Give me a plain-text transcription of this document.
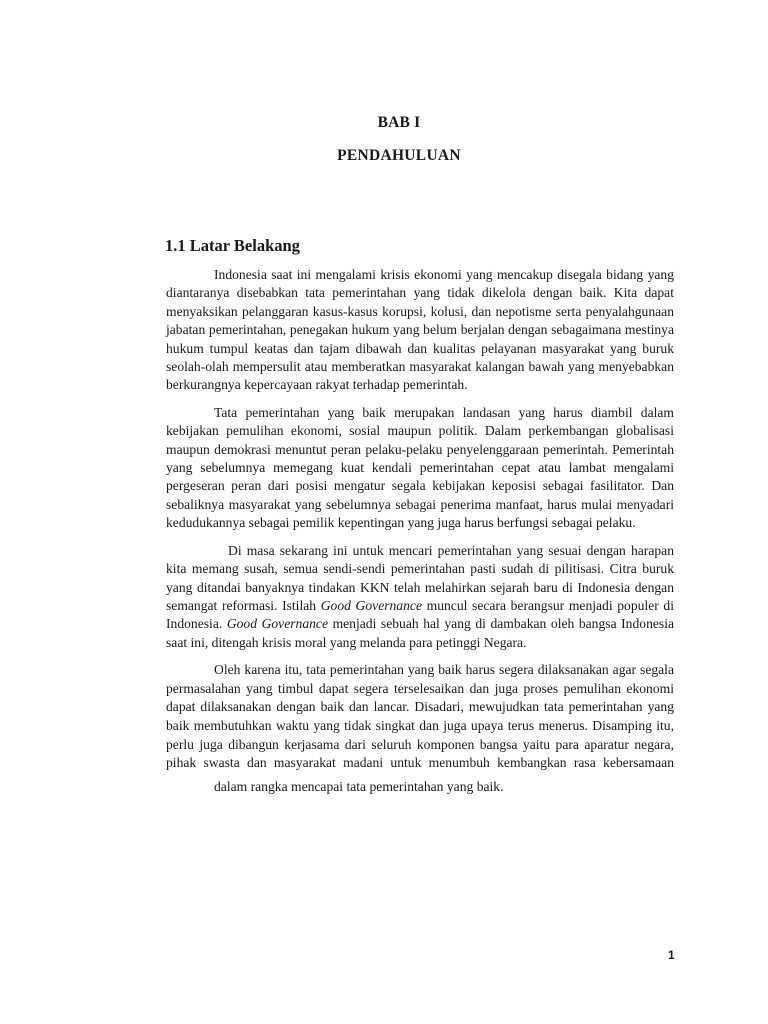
BAB I
PENDAHULUAN
1.1 Latar Belakang

Indonesia saat ini mengalami krisis ekonomi yang mencakup disegala bidang yang diantaranya disebabkan tata pemerintahan yang tidak dikelola dengan baik. Kita dapat menyaksikan pelanggaran kasus-kasus korupsi, kolusi, dan nepotisme serta penyalahgunaan jabatan pemerintahan, penegakan hukum yang belum berjalan dengan sebagaimana mestinya hukum tumpul keatas dan tajam dibawah dan kualitas pelayanan masyarakat yang buruk seolah-olah mempersulit atau memberatkan masyarakat kalangan bawah yang menyebabkan berkurangnya kepercayaan rakyat terhadap pemerintah.

Tata pemerintahan yang baik merupakan landasan yang harus diambil dalam kebijakan pemulihan ekonomi, sosial maupun politik. Dalam perkembangan globalisasi maupun demokrasi menuntut peran pelaku-pelaku penyelenggaraan pemerintah. Pemerintah yang sebelumnya memegang kuat kendali pemerintahan cepat atau lambat mengalami pergeseran peran dari posisi mengatur segala kebijakan keposisi sebagai fasilitator. Dan sebaliknya masyarakat yang sebelumnya sebagai penerima manfaat, harus mulai menyadari kedudukannya sebagai pemilik kepentingan yang juga harus berfungsi sebagai pelaku.

Di masa sekarang ini untuk mencari pemerintahan yang sesuai dengan harapan kita memang susah, semua sendi-sendi pemerintahan pasti sudah di pilitisasi. Citra buruk yang ditandai banyaknya tindakan KKN telah melahirkan sejarah baru di Indonesia dengan semangat reformasi. Istilah Good Governance muncul secara berangsur menjadi populer di Indonesia. Good Governance menjadi sebuah hal yang di dambakan oleh bangsa Indonesia saat ini, ditengah krisis moral yang melanda para petinggi Negara.

Oleh karena itu, tata pemerintahan yang baik harus segera dilaksanakan agar segala permasalahan yang timbul dapat segera terselesaikan dan juga proses pemulihan ekonomi dapat dilaksanakan dengan baik dan lancar. Disadari, mewujudkan tata pemerintahan yang baik membutuhkan waktu yang tidak singkat dan juga upaya terus menerus. Disamping itu, perlu juga dibangun kerjasama dari seluruh komponen bangsa yaitu para aparatur negara, pihak swasta dan masyarakat madani untuk menumbuh kembangkan rasa kebersamaan dalam rangka mencapai tata pemerintahan yang baik.

1
